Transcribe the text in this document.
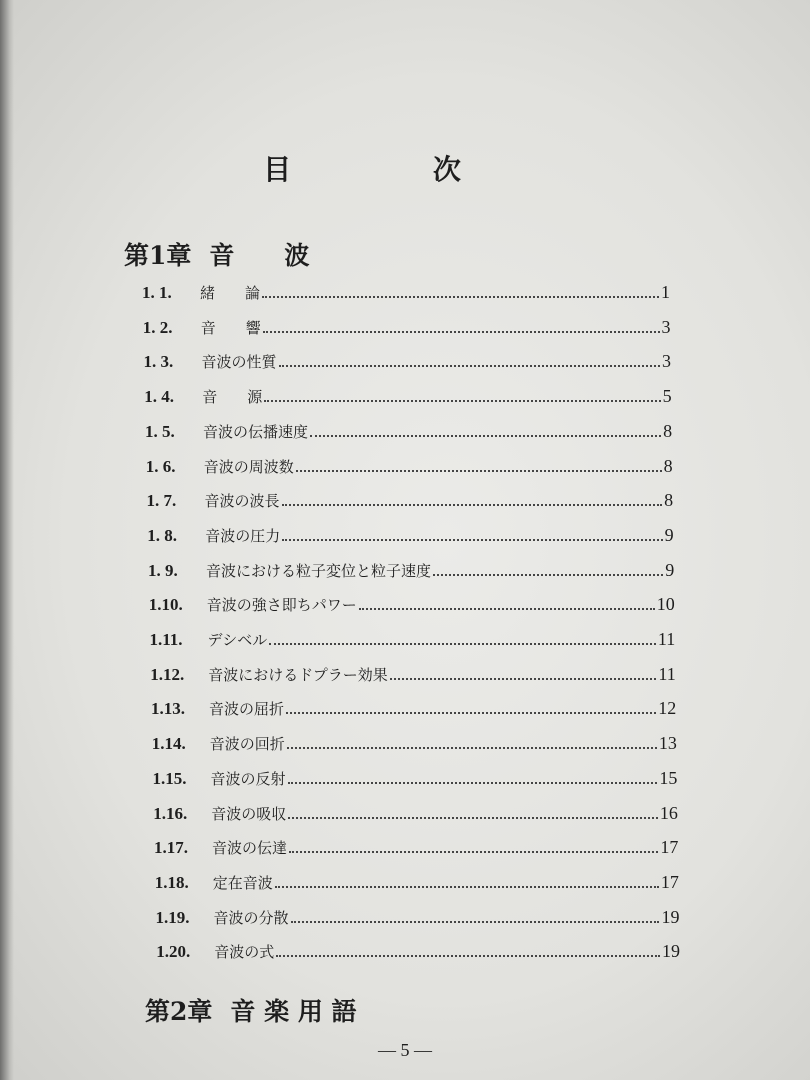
目 次
第1章 音　　波
1. 1.	緒　　論	1
1. 2.	音　　響	3
1. 3.	音波の性質	3
1. 4.	音　　源	5
1. 5.	音波の伝播速度	8
1. 6.	音波の周波数	8
1. 7.	音波の波長	8
1. 8.	音波の圧力	9
1. 9.	音波における粒子変位と粒子速度	9
1.10.	音波の強さ即ちパワー	10
1.11.	デシベル	11
1.12.	音波におけるドプラー効果	11
1.13.	音波の屈折	12
1.14.	音波の回折	13
1.15.	音波の反射	15
1.16.	音波の吸収	16
1.17.	音波の伝達	17
1.18.	定在音波	17
1.19.	音波の分散	19
1.20.	音波の式	19
第2章 音 楽 用 語
— 5 —
